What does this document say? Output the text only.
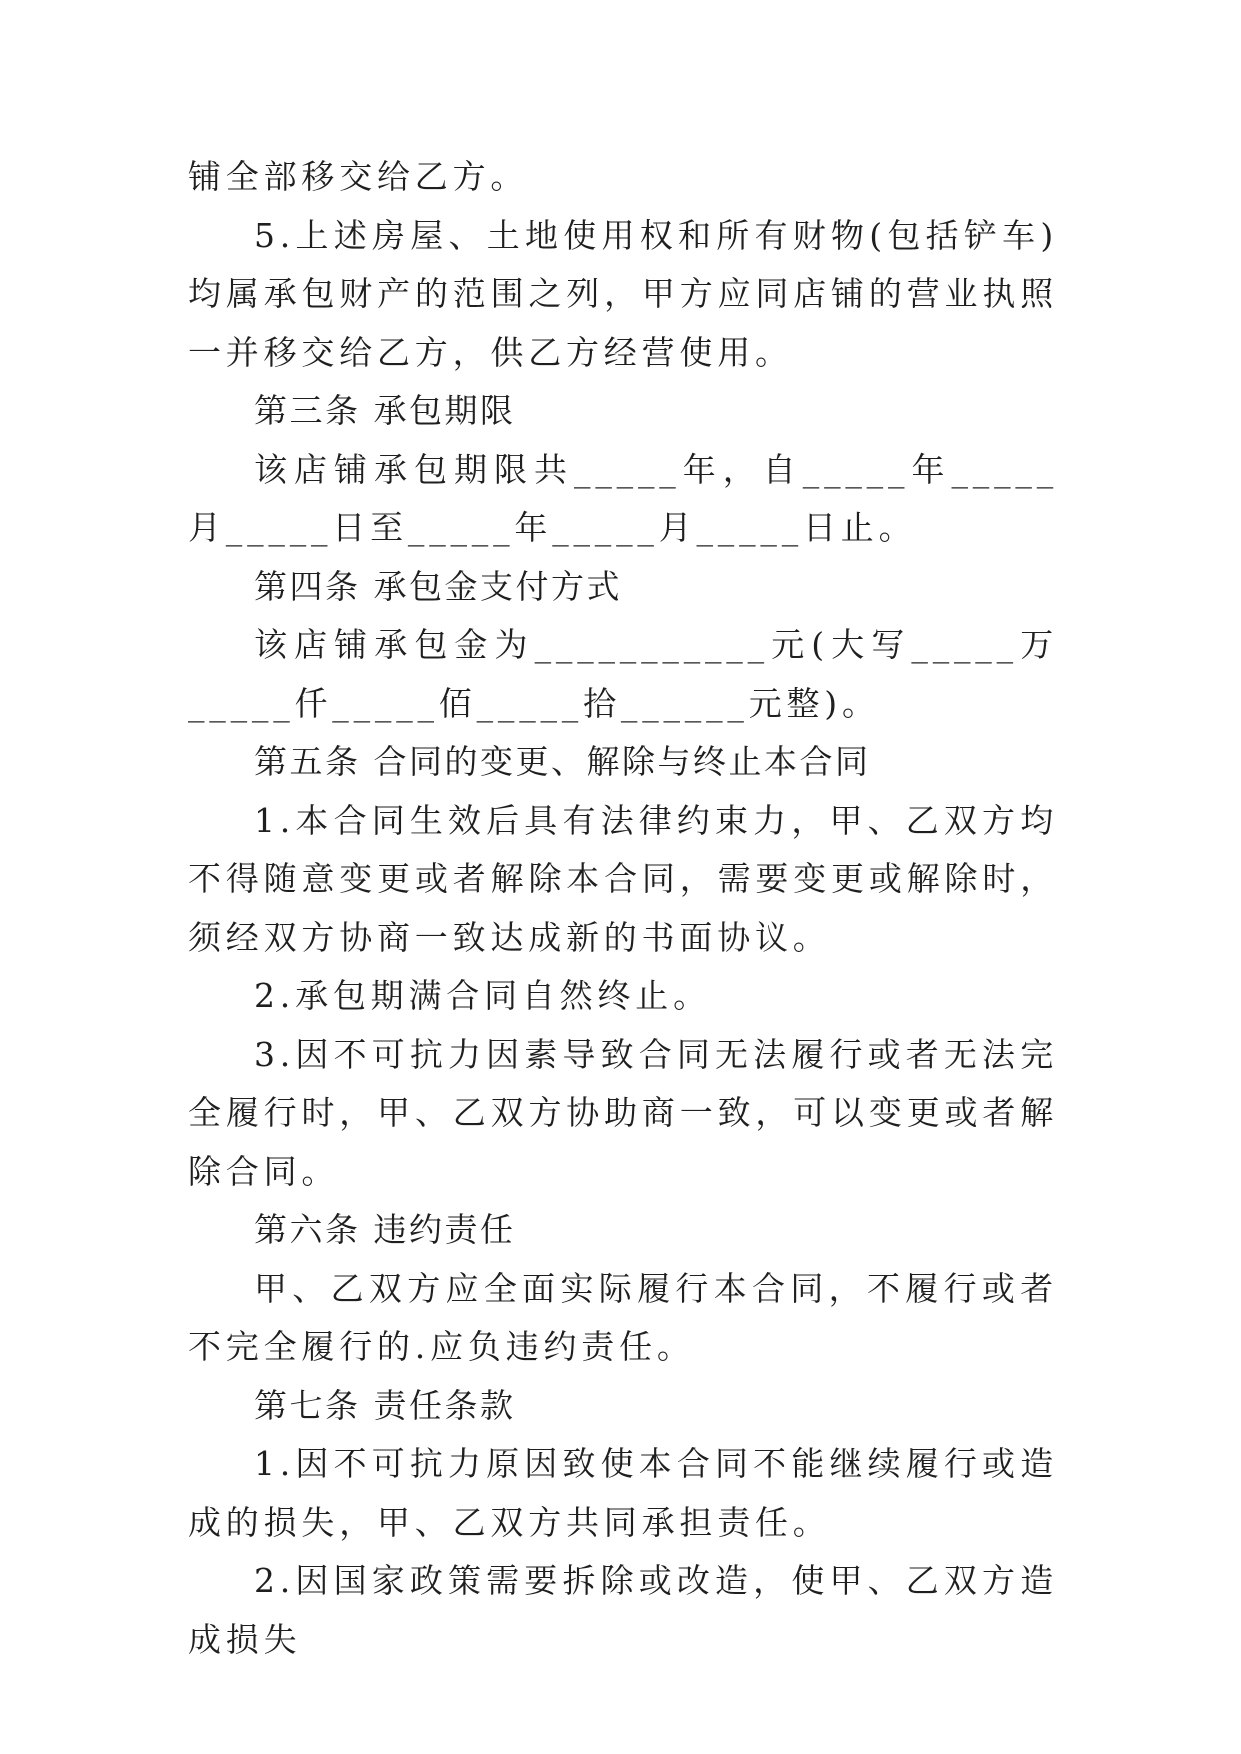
铺全部移交给乙方。

5.上述房屋、土地使用权和所有财物(包括铲车)均属承包财产的范围之列，甲方应同店铺的营业执照一并移交给乙方，供乙方经营使用。

第三条 承包期限

该店铺承包期限共_____年，自_____年_____月_____日至_____年_____月_____日止。

第四条 承包金支付方式

该店铺承包金为___________元(大写_____万_____仟_____佰_____拾______元整)。

第五条 合同的变更、解除与终止本合同

1.本合同生效后具有法律约束力，甲、乙双方均不得随意变更或者解除本合同，需要变更或解除时，须经双方协商一致达成新的书面协议。

2.承包期满合同自然终止。

3.因不可抗力因素导致合同无法履行或者无法完全履行时，甲、乙双方协助商一致，可以变更或者解除合同。

第六条 违约责任

甲、乙双方应全面实际履行本合同，不履行或者不完全履行的.应负违约责任。

第七条 责任条款

1.因不可抗力原因致使本合同不能继续履行或造成的损失，甲、乙双方共同承担责任。

2.因国家政策需要拆除或改造，使甲、乙双方造成损失
